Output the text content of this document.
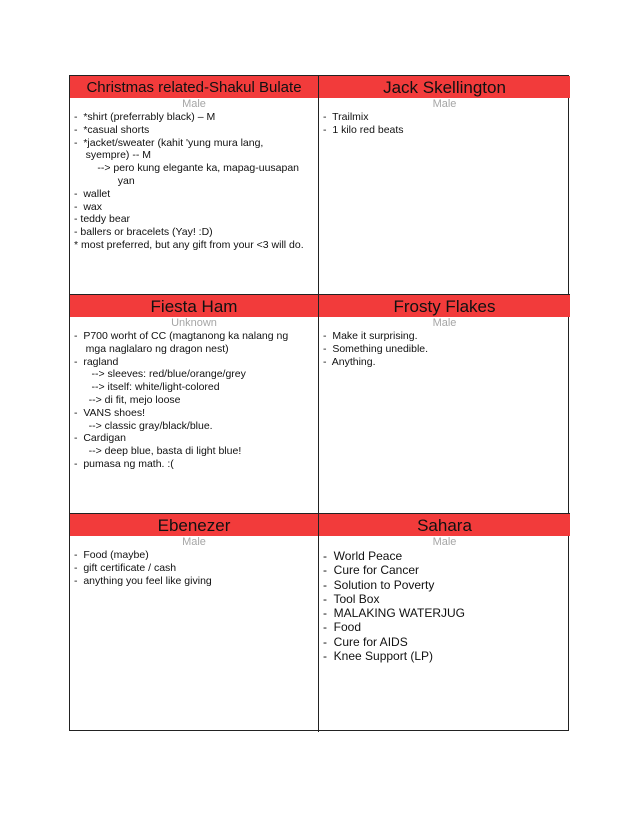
Christmas related-Shakul Bulate
Male
-  *shirt (preferrably black) – M
-  *casual shorts
-  *jacket/sweater (kahit 'yung mura lang,
syempre) -- M
--> pero kung elegante ka, mapag-uusapan
yan
-  wallet
-  wax
- teddy bear
- ballers or bracelets (Yay! :D)
* most preferred, but any gift from your <3 will do.
Jack Skellington
Male
-  Trailmix
-  1 kilo red beats
Fiesta Ham
Unknown
-  P700 worht of CC (magtanong ka nalang ng
mga naglalaro ng dragon nest)
-  ragland
--> sleeves: red/blue/orange/grey
--> itself: white/light-colored
--> di fit, mejo loose
-  VANS shoes!
--> classic gray/black/blue.
-  Cardigan
--> deep blue, basta di light blue!
-  pumasa ng math. :(
Frosty Flakes
Male
-  Make it surprising.
-  Something unedible.
-  Anything.
Ebenezer
Male
-  Food (maybe)
-  gift certificate / cash
-  anything you feel like giving
Sahara
Male
-  World Peace
-  Cure for Cancer
-  Solution to Poverty
-  Tool Box
-  MALAKING WATERJUG
-  Food
-  Cure for AIDS
-  Knee Support (LP)
